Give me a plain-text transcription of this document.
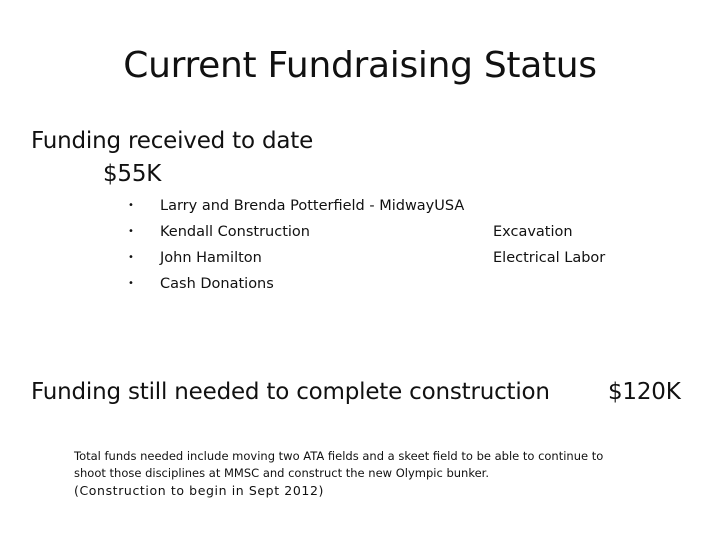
Current Fundraising Status
Funding received to date
$55K
•	Larry and Brenda Potterfield - MidwayUSA
•	Kendall Construction	Excavation
•	John Hamilton	Electrical Labor
•	Cash Donations
Funding still needed to complete construction	$120K
Total funds needed include moving two ATA fields and a skeet field to be able to continue to
shoot those disciplines at MMSC and construct the new Olympic bunker.
(Construction to begin in Sept 2012)
